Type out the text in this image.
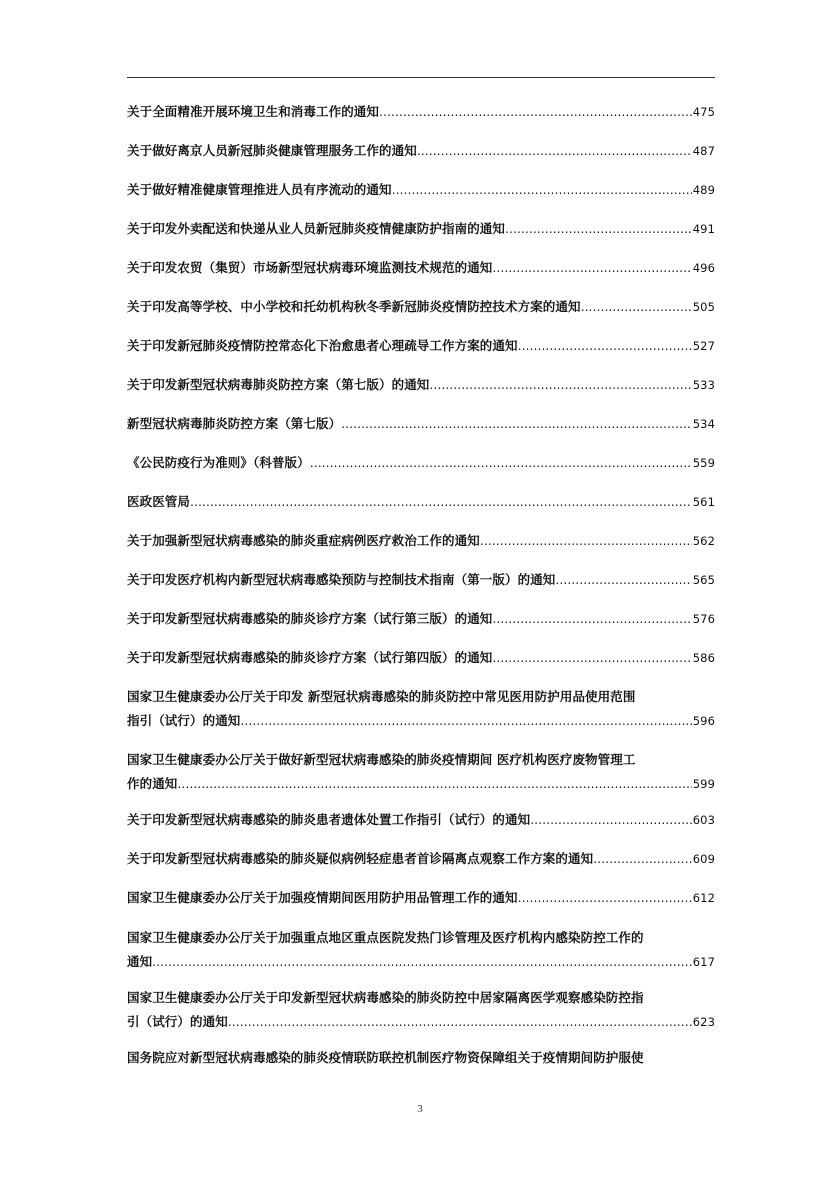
关于全面精准开展环境卫生和消毒工作的通知 .....	475
关于做好离京人员新冠肺炎健康管理服务工作的通知 .....	487
关于做好精准健康管理推进人员有序流动的通知 .....	489
关于印发外卖配送和快递从业人员新冠肺炎疫情健康防护指南的通知 .....	491
关于印发农贸（集贸）市场新型冠状病毒环境监测技术规范的通知 .....	496
关于印发高等学校、中小学校和托幼机构秋冬季新冠肺炎疫情防控技术方案的通知 .....	505
关于印发新冠肺炎疫情防控常态化下治愈患者心理疏导工作方案的通知 .....	527
关于印发新型冠状病毒肺炎防控方案（第七版）的通知 .....	533
新型冠状病毒肺炎防控方案（第七版） .....	534
《公民防疫行为准则》（科普版） .....	559
医政医管局 .....	561
关于加强新型冠状病毒感染的肺炎重症病例医疗救治工作的通知 .....	562
关于印发医疗机构内新型冠状病毒感染预防与控制技术指南（第一版）的通知 .....	565
关于印发新型冠状病毒感染的肺炎诊疗方案（试行第三版）的通知 .....	576
关于印发新型冠状病毒感染的肺炎诊疗方案（试行第四版）的通知 .....	586
国家卫生健康委办公厅关于印发 新型冠状病毒感染的肺炎防控中常见医用防护用品使用范围
指引（试行）的通知 .....	596
国家卫生健康委办公厅关于做好新型冠状病毒感染的肺炎疫情期间 医疗机构医疗废物管理工
作的通知 .....	599
关于印发新型冠状病毒感染的肺炎患者遗体处置工作指引（试行）的通知 .....	603
关于印发新型冠状病毒感染的肺炎疑似病例轻症患者首诊隔离点观察工作方案的通知 .....	609
国家卫生健康委办公厅关于加强疫情期间医用防护用品管理工作的通知 .....	612
国家卫生健康委办公厅关于加强重点地区重点医院发热门诊管理及医疗机构内感染防控工作的
通知 .....	617
国家卫生健康委办公厅关于印发新型冠状病毒感染的肺炎防控中居家隔离医学观察感染防控指
引（试行）的通知 .....	623
国务院应对新型冠状病毒感染的肺炎疫情联防联控机制医疗物资保障组关于疫情期间防护服使
3
